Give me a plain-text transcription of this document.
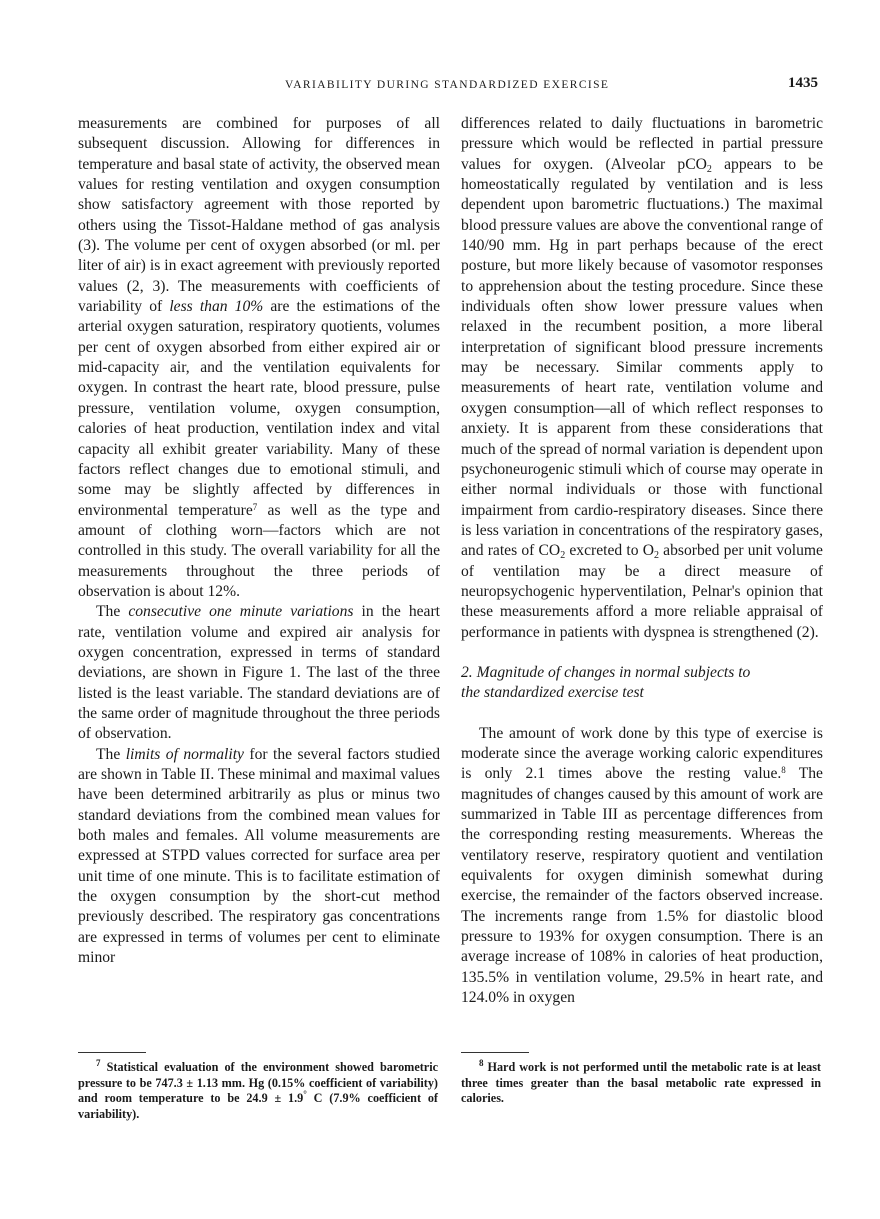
VARIABILITY DURING STANDARDIZED EXERCISE	1435

measurements are combined for purposes of all subsequent discussion. Allowing for differences in temperature and basal state of activity, the observed mean values for resting ventilation and oxygen consumption show satisfactory agreement with those reported by others using the Tissot-Haldane method of gas analysis (3). The volume per cent of oxygen absorbed (or ml. per liter of air) is in exact agreement with previously reported values (2, 3). The measurements with coefficients of variability of less than 10% are the estimations of the arterial oxygen saturation, respiratory quotients, volumes per cent of oxygen absorbed from either expired air or mid-capacity air, and the ventilation equivalents for oxygen. In contrast the heart rate, blood pressure, pulse pressure, ventilation volume, oxygen consumption, calories of heat production, ventilation index and vital capacity all exhibit greater variability. Many of these factors reflect changes due to emotional stimuli, and some may be slightly affected by differences in environmental temperature$^7$ as well as the type and amount of clothing worn—factors which are not controlled in this study. The overall variability for all the measurements throughout the three periods of observation is about 12%.

The consecutive one minute variations in the heart rate, ventilation volume and expired air analysis for oxygen concentration, expressed in terms of standard deviations, are shown in Figure 1. The last of the three listed is the least variable. The standard deviations are of the same order of magnitude throughout the three periods of observation.

The limits of normality for the several factors studied are shown in Table II. These minimal and maximal values have been determined arbitrarily as plus or minus two standard deviations from the combined mean values for both males and females. All volume measurements are expressed at STPD values corrected for surface area per unit time of one minute. This is to facilitate estimation of the oxygen consumption by the short-cut method previously described. The respiratory gas concentrations are expressed in terms of volumes per cent to eliminate minor

differences related to daily fluctuations in barometric pressure which would be reflected in partial pressure values for oxygen. (Alveolar pCO$_2$ appears to be homeostatically regulated by ventilation and is less dependent upon barometric fluctuations.) The maximal blood pressure values are above the conventional range of 140/90 mm. Hg in part perhaps because of the erect posture, but more likely because of vasomotor responses to apprehension about the testing procedure. Since these individuals often show lower pressure values when relaxed in the recumbent position, a more liberal interpretation of significant blood pressure increments may be necessary. Similar comments apply to measurements of heart rate, ventilation volume and oxygen consumption—all of which reflect responses to anxiety. It is apparent from these considerations that much of the spread of normal variation is dependent upon psychoneurogenic stimuli which of course may operate in either normal individuals or those with functional impairment from cardio-respiratory diseases. Since there is less variation in concentrations of the respiratory gases, and rates of $CO_2$ excreted to $O_2$ absorbed per unit volume of ventilation may be a direct measure of neuropsychogenic hyperventilation, Pelnar's opinion that these measurements afford a more reliable appraisal of performance in patients with dyspnea is strengthened (2).

2. Magnitude of changes in normal subjects to
the standardized exercise test

The amount of work done by this type of exercise is moderate since the average working caloric expenditures is only 2.1 times above the resting value.$^8$ The magnitudes of changes caused by this amount of work are summarized in Table III as percentage differences from the corresponding resting measurements. Whereas the ventilatory reserve, respiratory quotient and ventilation equivalents for oxygen diminish somewhat during exercise, the remainder of the factors observed increase. The increments range from 1.5% for diastolic blood pressure to 193% for oxygen consumption. There is an average increase of 108% in calories of heat production, 135.5% in ventilation volume, 29.5% in heart rate, and 124.0% in oxygen

$^7$ Statistical evaluation of the environment showed barometric pressure to be 747.3 ± 1.13 mm. Hg (0.15% coefficient of variability) and room temperature to be 24.9 ± 1.9° C (7.9% coefficient of variability).
$^8$ Hard work is not performed until the metabolic rate is at least three times greater than the basal metabolic rate expressed in calories.
